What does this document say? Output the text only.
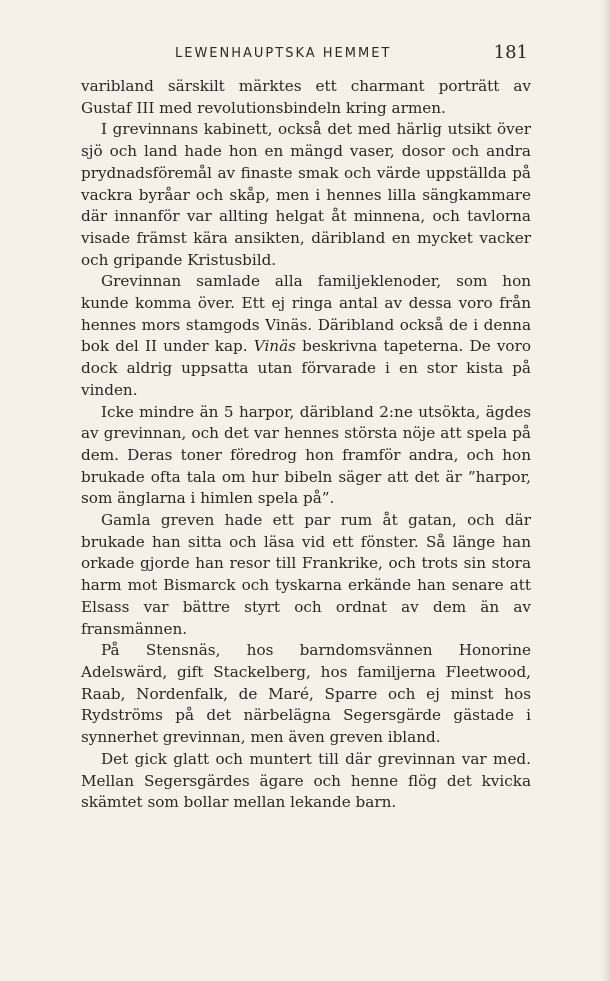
LEWENHAUPTSKA HEMMET	181

varibland särskilt märktes ett charmant porträtt av Gustaf III med revolutionsbindeln kring armen.

I grevinnans kabinett, också det med härlig utsikt över sjö och land hade hon en mängd vaser, dosor och andra prydnadsföremål av finaste smak och värde uppställda på vackra byråar och skåp, men i hennes lilla sängkammare där innanför var allting helgat åt minnena, och tavlorna visade främst kära ansikten, däribland en mycket vacker och gripande Kristusbild.

Grevinnan samlade alla familjeklenoder, som hon kunde komma över. Ett ej ringa antal av dessa voro från hennes mors stamgods Vinäs. Däribland också de i denna bok del II under kap. Vinäs beskrivna tapeterna. De voro dock aldrig uppsatta utan förvarade i en stor kista på vinden.

Icke mindre än 5 harpor, däribland 2:ne utsökta, ägdes av grevinnan, och det var hennes största nöje att spela på dem. Deras toner föredrog hon framför andra, och hon brukade ofta tala om hur bibeln säger att det är ”harpor, som änglarna i himlen spela på”.

Gamla greven hade ett par rum åt gatan, och där brukade han sitta och läsa vid ett fönster. Så länge han orkade gjorde han resor till Frankrike, och trots sin stora harm mot Bismarck och tyskarna erkände han senare att Elsass var bättre styrt och ordnat av dem än av fransmännen.

På Stensnäs, hos barndomsvännen Honorine Adelswärd, gift Stackelberg, hos familjerna Fleetwood, Raab, Nordenfalk, de Maré, Sparre och ej minst hos Rydströms på det närbelägna Segersgärde gästade i synnerhet grevinnan, men även greven ibland.

Det gick glatt och muntert till där grevinnan var med. Mellan Segersgärdes ägare och henne flög det kvicka skämtet som bollar mellan lekande barn.
